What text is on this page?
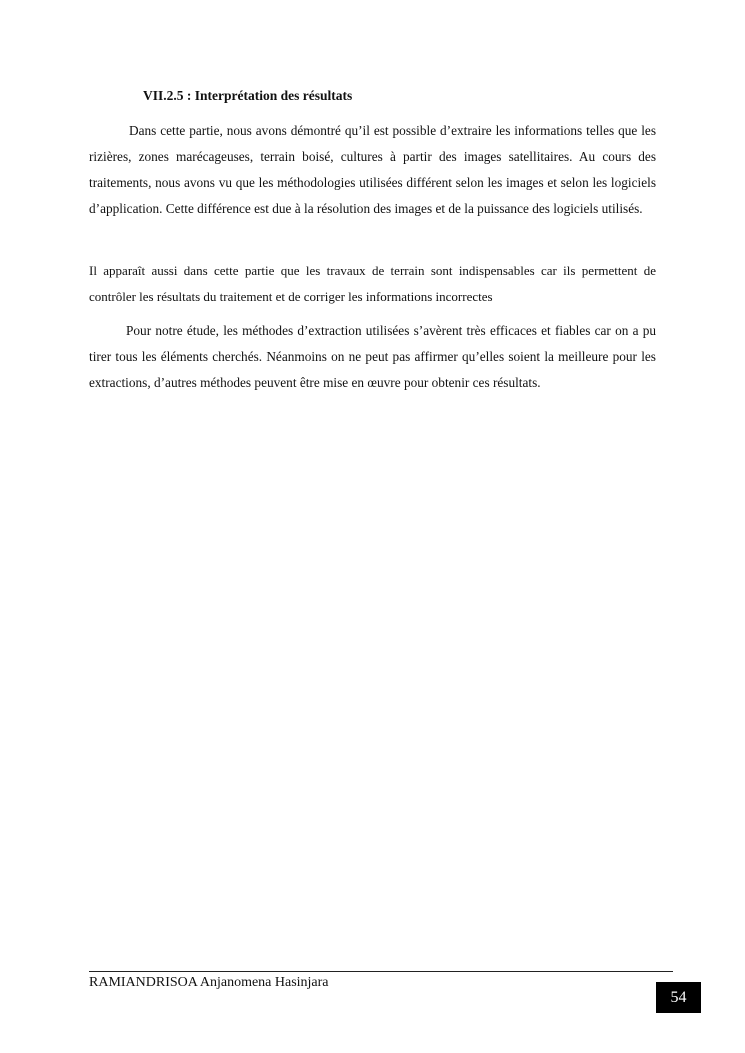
VII.2.5 : Interprétation des résultats

Dans cette partie, nous avons démontré qu’il est possible d’extraire les informations telles que les rizières, zones marécageuses, terrain boisé, cultures à partir des images satellitaires. Au cours des traitements, nous avons vu que les méthodologies utilisées différent selon les images et selon les logiciels d’application. Cette différence est due à la résolution des images et de la puissance des logiciels utilisés.

Il apparaît aussi dans cette partie que les travaux de terrain sont indispensables car ils permettent de contrôler les résultats du traitement et de corriger les informations incorrectes

Pour notre étude, les méthodes d’extraction utilisées s’avèrent très efficaces et fiables car on a pu tirer tous les éléments cherchés. Néanmoins on ne peut pas affirmer qu’elles soient la meilleure pour les extractions, d’autres méthodes peuvent être mise en œuvre pour obtenir ces résultats.

RAMIANDRISOA Anjanomena Hasinjara
54
